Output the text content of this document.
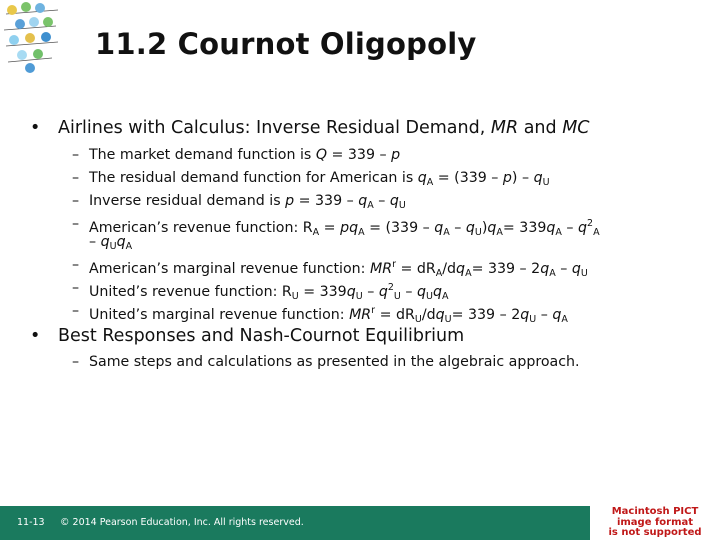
11.2 Cournot Oligopoly
• Airlines with Calculus: Inverse Residual Demand, MR and MC
– The market demand function is Q = 339 – p
– The residual demand function for American is $q_A = (339 - p) - q_U$
– Inverse residual demand is $p = 339 - q_A - q_U$
– American’s revenue function: $R_A = pq_A = (339 - q_A - q_U)q_A= 339q_A - q^2_A$
– $q_Uq_A$
– American’s marginal revenue function: $MR^r = dR_A/dq_A= 339 - 2q_A - q_U$
– United’s revenue function: $R_U = 339q_U - q^2_U - q_Uq_A$
– United’s marginal revenue function: $MR^r = dR_U/dq_U= 339 - 2q_U - q_A$
• Best Responses and Nash-Cournot Equilibrium
– Same steps and calculations as presented in the algebraic approach.
11-13 © 2014 Pearson Education, Inc. All rights reserved.
Macintosh PICT
image format
is not supported
